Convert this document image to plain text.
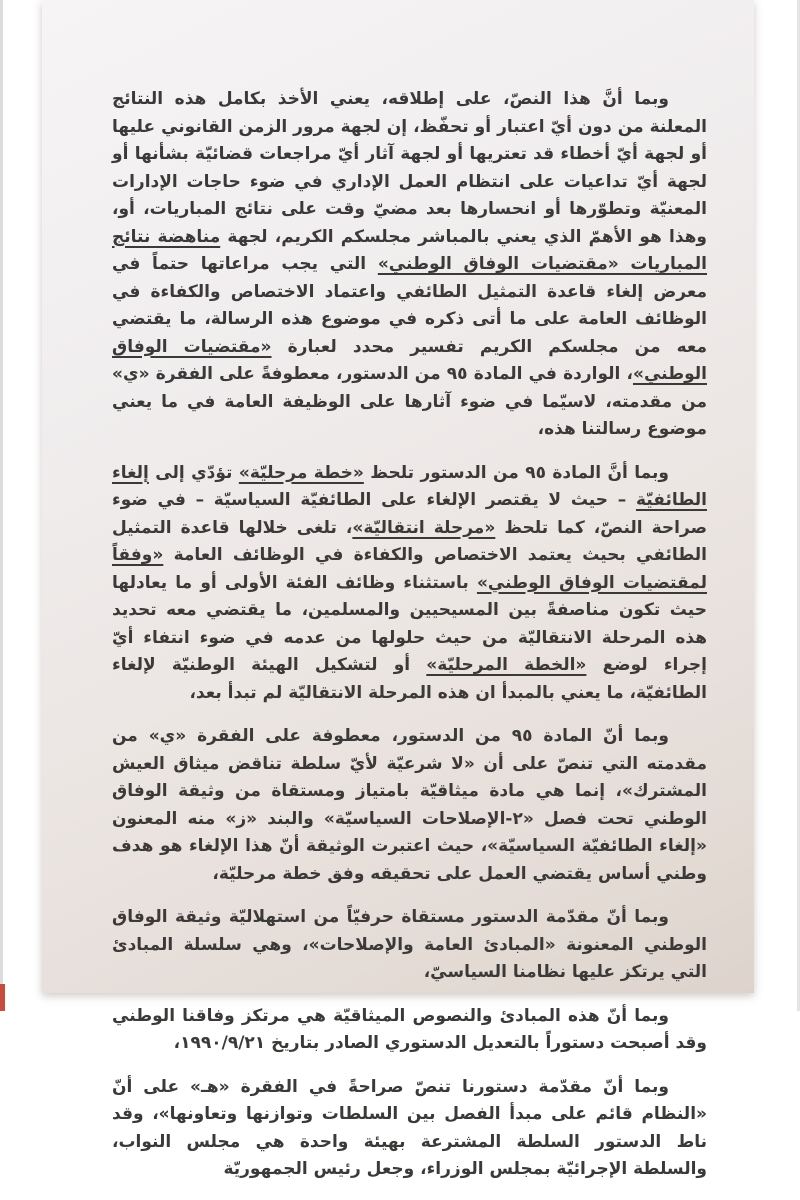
وبما أنَّ هذا النصّ، على إطلاقه، يعني الأخذ بكامل هذه النتائج المعلنة من دون أيّ اعتبار أو تحفّظ، إن لجهة مرور الزمن القانوني عليها أو لجهة أيّ أخطاء قد تعتريها أو لجهة آثار أيّ مراجعات قضائيّة بشأنها أو لجهة أيّ تداعيات على انتظام العمل الإداري في ضوء حاجات الإدارات المعنيّة وتطوّرها أو انحسارها بعد مضيّ وقت على نتائج المباريات، أو، وهذا هو الأهمّ الذي يعني بالمباشر مجلسكم الكريم، لجهة مناهضة نتائج المباريات «مقتضيات الوفاق الوطني» التي يجب مراعاتها حتماً في معرض إلغاء قاعدة التمثيل الطائفي واعتماد الاختصاص والكفاءة في الوظائف العامة على ما أتى ذكره في موضوع هذه الرسالة، ما يقتضي معه من مجلسكم الكريم تفسير محدد لعبارة «مقتضيات الوفاق الوطني»، الواردة في المادة ٩٥ من الدستور، معطوفةً على الفقرة «ي» من مقدمته، لاسيّما في ضوء آثارها على الوظيفة العامة في ما يعني موضوع رسالتنا هذه،

وبما أنَّ المادة ٩٥ من الدستور تلحظ «خطة مرحليّة» تؤدّي إلى إلغاء الطائفيّة – حيث لا يقتصر الإلغاء على الطائفيّة السياسيّة – في ضوء صراحة النصّ، كما تلحظ «مرحلة انتقاليّة»، تلغى خلالها قاعدة التمثيل الطائفي بحيث يعتمد الاختصاص والكفاءة في الوظائف العامة «وفقاً لمقتضيات الوفاق الوطني» باستثناء وظائف الفئة الأولى أو ما يعادلها حيث تكون مناصفةً بين المسيحيين والمسلمين، ما يقتضي معه تحديد هذه المرحلة الانتقاليّة من حيث حلولها من عدمه في ضوء انتفاء أيّ إجراء لوضع «الخطة المرحليّة» أو لتشكيل الهيئة الوطنيّة لإلغاء الطائفيّة، ما يعني بالمبدأ ان هذه المرحلة الانتقاليّة لم تبدأ بعد،

وبما أنّ المادة ٩٥ من الدستور، معطوفة على الفقرة «ي» من مقدمته التي تنصّ على أن «لا شرعيّة لأيّ سلطة تناقض ميثاق العيش المشترك»، إنما هي مادة ميثاقيّة بامتياز ومستقاة من وثيقة الوفاق الوطني تحت فصل «٢-الإصلاحات السياسيّة» والبند «ز» منه المعنون «إلغاء الطائفيّة السياسيّة»، حيث اعتبرت الوثيقة أنّ هذا الإلغاء هو هدف وطني أساس يقتضي العمل على تحقيقه وفق خطة مرحليّة،

وبما أنّ مقدّمة الدستور مستقاة حرفيّاً من استهلاليّة وثيقة الوفاق الوطني المعنونة «المبادئ العامة والإصلاحات»، وهي سلسلة المبادئ التي يرتكز عليها نظامنا السياسيّ،

وبما أنّ هذه المبادئ والنصوص الميثاقيّة هي مرتكز وفاقنا الوطني وقد أصبحت دستوراً بالتعديل الدستوري الصادر بتاريخ ١٩٩٠/٩/٢١،

وبما أنّ مقدّمة دستورنا تنصّ صراحةً في الفقرة «هـ» على أنّ «النظام قائم على مبدأ الفصل بين السلطات وتوازنها وتعاونها»، وقد ناط الدستور السلطة المشترعة بهيئة واحدة هي مجلس النواب، والسلطة الإجرائيّة بمجلس الوزراء، وجعل رئيس الجمهوريّة
